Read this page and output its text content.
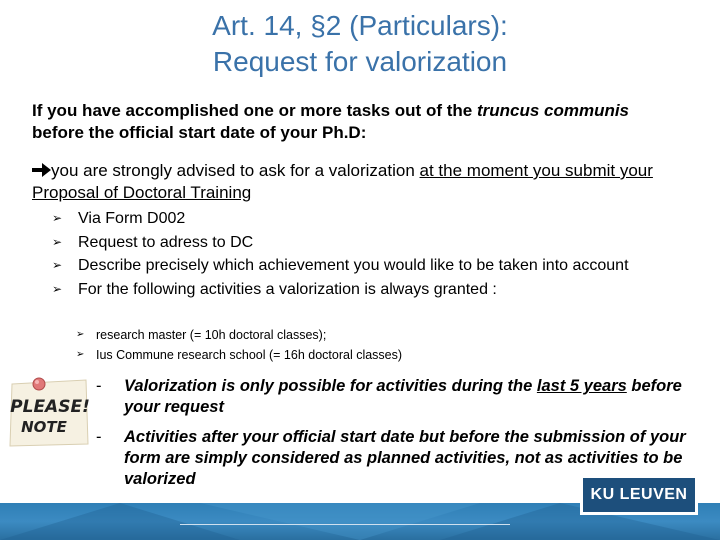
Art. 14, §2 (Particulars):
Request for valorization
If you have accomplished one or more tasks out of the truncus communis before the official start date of your Ph.D:
you are strongly advised to ask for a valorization at the moment you submit your Proposal of Doctoral Training
➢ Via Form D002
➢ Request to adress to DC
➢ Describe precisely which achievement you would like to be taken into account
➢ For the following activities a valorization is always granted :
➢ research master (= 10h doctoral classes);
➢ Ius Commune research school (= 16h doctoral classes)
PLEASE!
NOTE
- Valorization is only possible for activities during the last 5 years before your request
- Activities after your official start date but before the submission of your form are simply considered as planned activities, not as activities to be valorized
KU LEUVEN
